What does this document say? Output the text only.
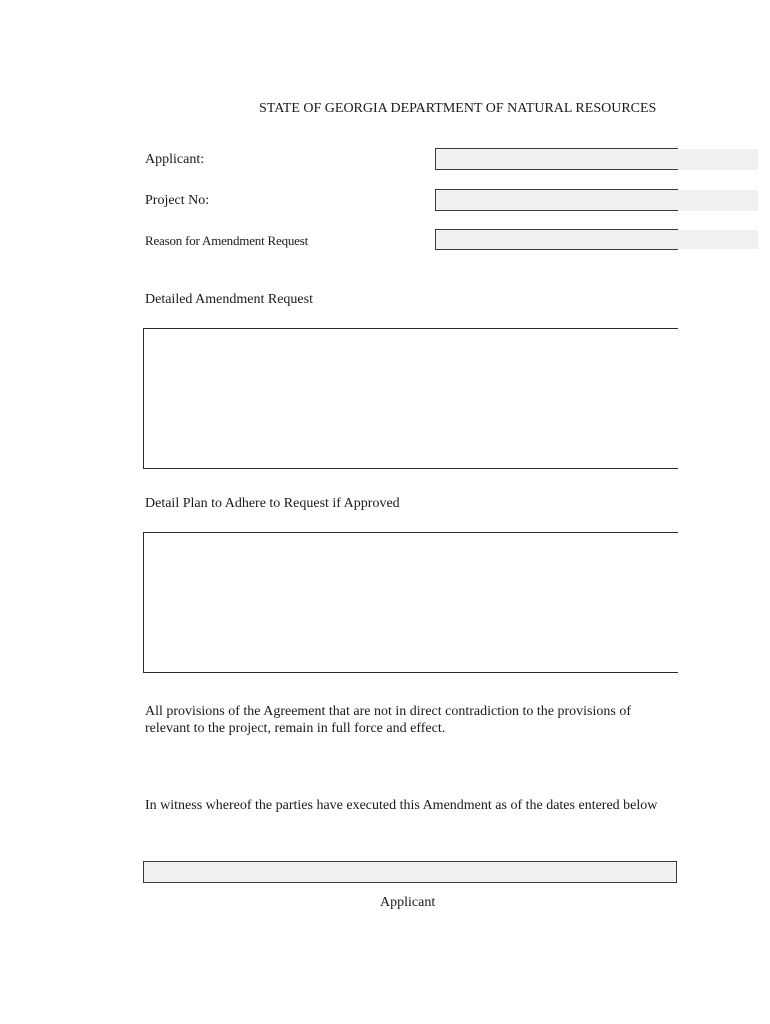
STATE OF GEORGIA DEPARTMENT OF NATURAL RESOURCES
Applicant:
Project No:
Reason for Amendment Request
Detailed Amendment Request
Detail Plan to Adhere to Request if Approved
All provisions of the Agreement that are not in direct contradiction to the provisions of
relevant to the project, remain in full force and effect.
In witness whereof the parties have executed this Amendment as of the dates entered below
Applicant
